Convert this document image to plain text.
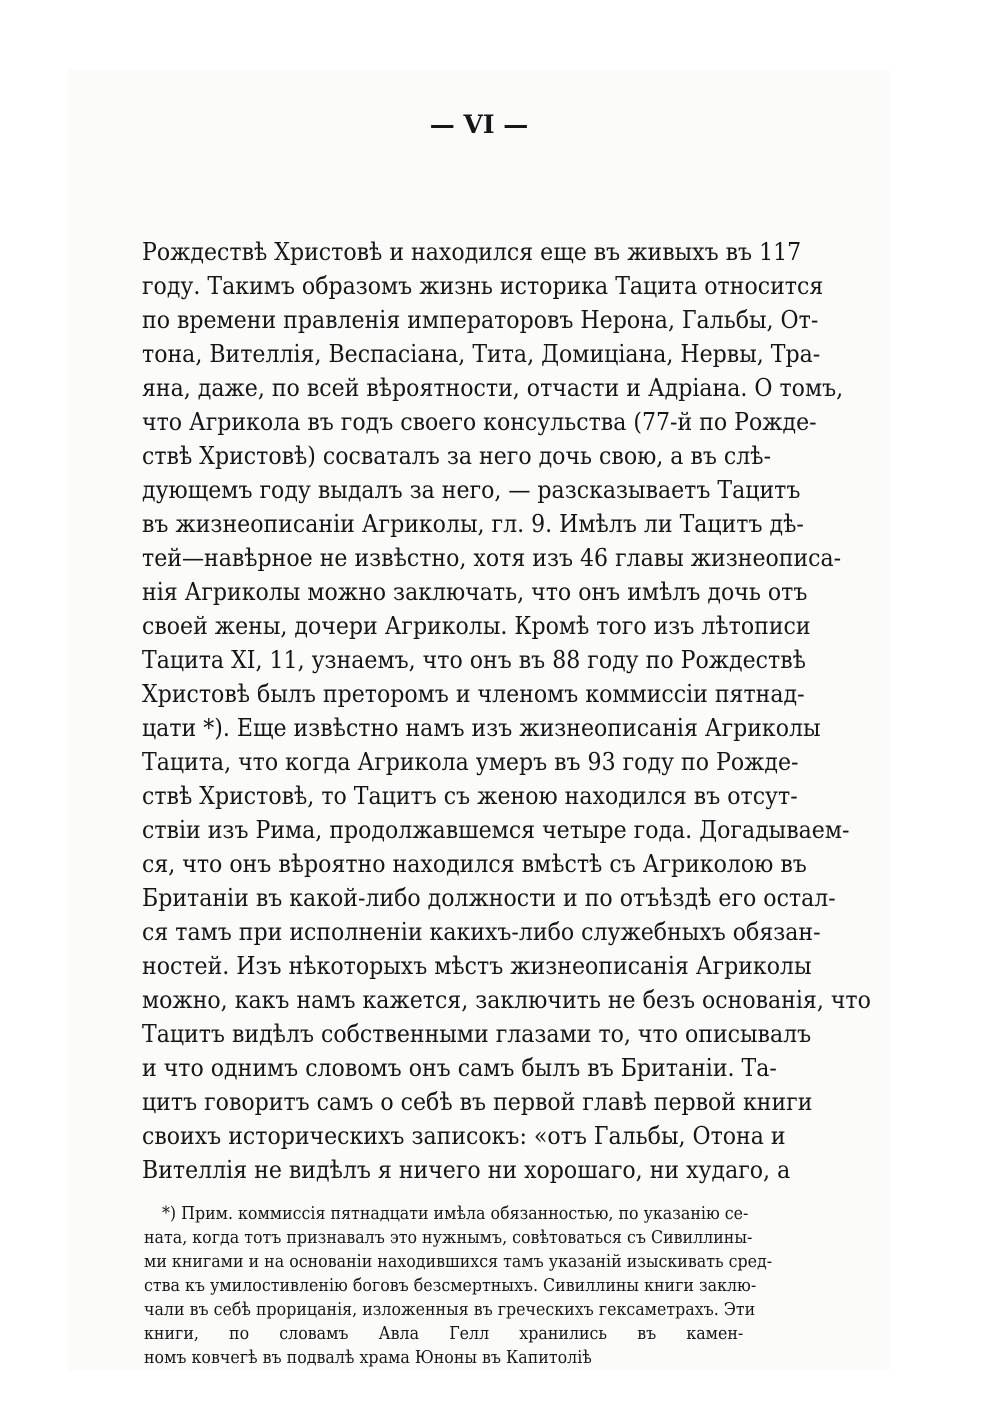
— VI —
Рождествѣ Христовѣ и находился еще въ живыхъ въ 117
году. Такимъ образомъ жизнь историка Тацита относится
по времени правленія императоровъ Нерона, Гальбы, От-
тона, Вителлія, Веспасіана, Тита, Домиціана, Нервы, Тра-
яна, даже, по всей вѣроятности, отчасти и Адріана. О томъ,
что Агрикола въ годъ своего консульства (77-й по Рожде-
ствѣ Христовѣ) сосваталъ за него дочь свою, а въ слѣ-
дующемъ году выдалъ за него, — разсказываетъ Тацитъ
въ жизнеописаніи Агриколы, гл. 9. Имѣлъ ли Тацитъ дѣ-
тей—навѣрное не извѣстно, хотя изъ 46 главы жизнеописа-
нія Агриколы можно заключать, что онъ имѣлъ дочь отъ
своей жены, дочери Агриколы. Кромѣ того изъ лѣтописи
Тацита XI, 11, узнаемъ, что онъ въ 88 году по Рождествѣ
Христовѣ былъ преторомъ и членомъ коммиссіи пятнад-
цати *). Еще извѣстно намъ изъ жизнеописанія Агриколы
Тацита, что когда Агрикола умеръ въ 93 году по Рожде-
ствѣ Христовѣ, то Тацитъ съ женою находился въ отсут-
ствіи изъ Рима, продолжавшемся четыре года. Догадываем-
ся, что онъ вѣроятно находился вмѣстѣ съ Агриколою въ
Британіи въ какой-либо должности и по отъѣздѣ его остал-
ся тамъ при исполненіи какихъ-либо служебныхъ обязан-
ностей. Изъ нѣкоторыхъ мѣстъ жизнеописанія Агриколы
можно, какъ намъ кажется, заключить не безъ основанія, что
Тацитъ видѣлъ собственными глазами то, что описывалъ
и что однимъ словомъ онъ самъ былъ въ Британіи. Та-
цитъ говоритъ самъ о себѣ въ первой главѣ первой книги
своихъ историческихъ записокъ: «отъ Гальбы, Отона и
Вителлія не видѣлъ я ничего ни хорошаго, ни худаго, а
*) Прим. коммиссія пятнадцати имѣла обязанностью, по указанію се-
ната, когда тотъ признавалъ это нужнымъ, совѣтоваться съ Сивиллины-
ми книгами и на основаніи находившихся тамъ указаній изыскивать сред-
ства къ умилостивленію боговъ безсмертныхъ. Сивиллины книги заклю-
чали въ себѣ прорицанія, изложенныя въ греческихъ гексаметрахъ. Эти
книги, по словамъ Авла Гелл хранились въ камен-
номъ ковчегѣ въ подвалѣ храма Юноны въ Капитоліѣ
